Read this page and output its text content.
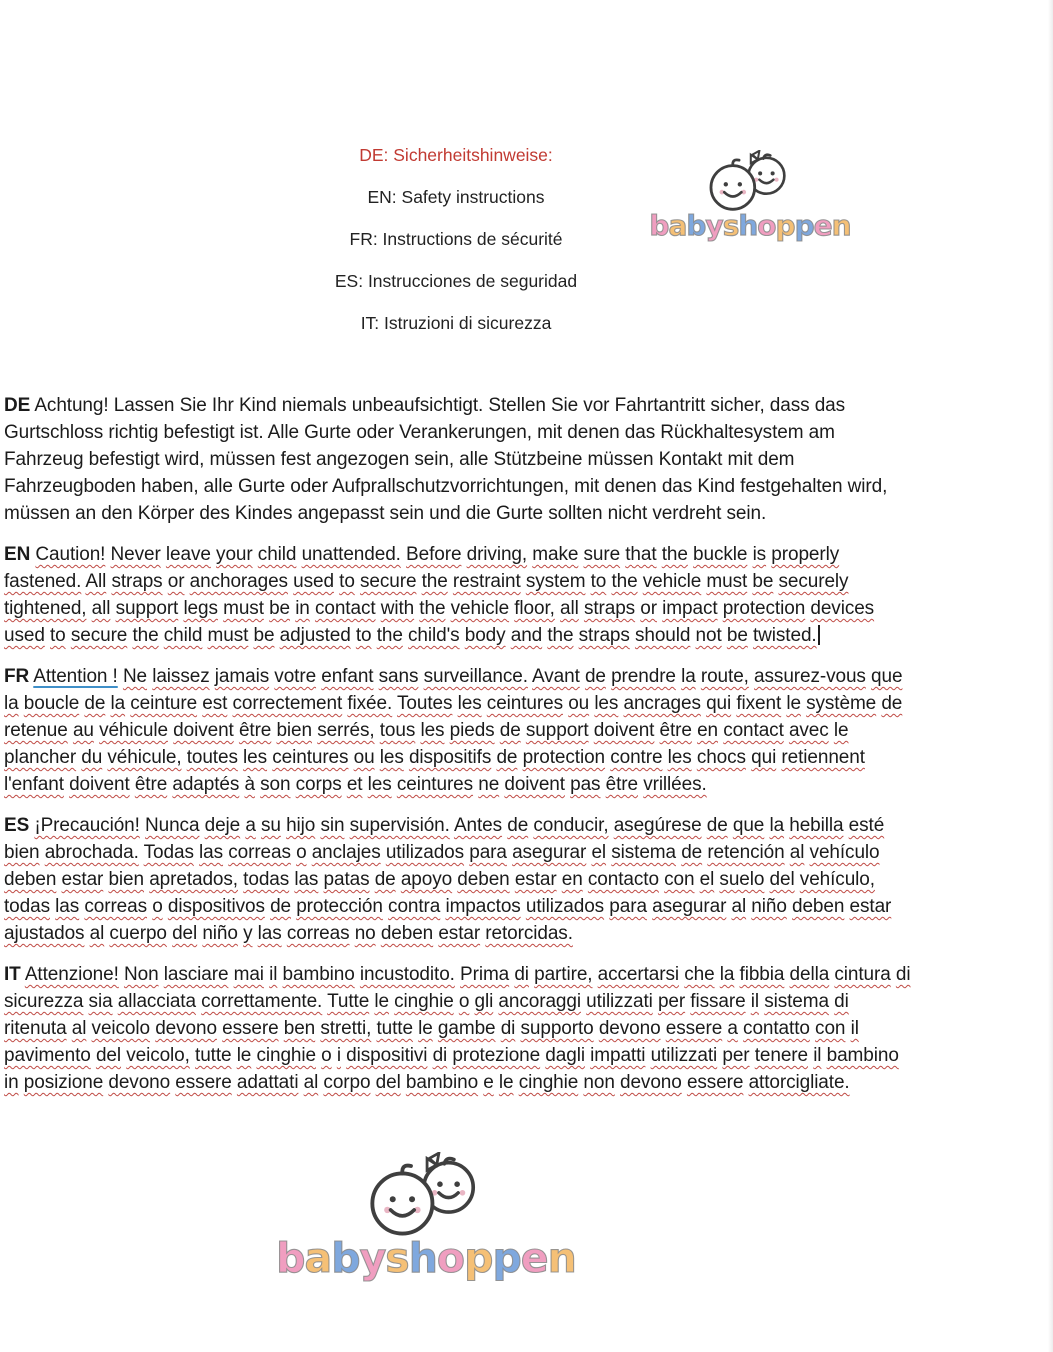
DE: Sicherheitshinweise:
EN: Safety instructions
FR: Instructions de sécurité
ES: Instrucciones de seguridad
IT: Istruzioni di sicurezza
babyshoppen

DE Achtung! Lassen Sie Ihr Kind niemals unbeaufsichtigt. Stellen Sie vor Fahrtantritt sicher, dass das Gurtschloss richtig befestigt ist. Alle Gurte oder Verankerungen, mit denen das Rückhaltesystem am Fahrzeug befestigt wird, müssen fest angezogen sein, alle Stützbeine müssen Kontakt mit dem Fahrzeugboden haben, alle Gurte oder Aufprallschutzvorrichtungen, mit denen das Kind festgehalten wird, müssen an den Körper des Kindes angepasst sein und die Gurte sollten nicht verdreht sein.

EN Caution! Never leave your child unattended. Before driving, make sure that the buckle is properly fastened. All straps or anchorages used to secure the restraint system to the vehicle must be securely tightened, all support legs must be in contact with the vehicle floor, all straps or impact protection devices used to secure the child must be adjusted to the child's body and the straps should not be twisted.

FR Attention ! Ne laissez jamais votre enfant sans surveillance. Avant de prendre la route, assurez-vous que la boucle de la ceinture est correctement fixée. Toutes les ceintures ou les ancrages qui fixent le système de retenue au véhicule doivent être bien serrés, tous les pieds de support doivent être en contact avec le plancher du véhicule, toutes les ceintures ou les dispositifs de protection contre les chocs qui retiennent l'enfant doivent être adaptés à son corps et les ceintures ne doivent pas être vrillées.

ES ¡Precaución! Nunca deje a su hijo sin supervisión. Antes de conducir, asegúrese de que la hebilla esté bien abrochada. Todas las correas o anclajes utilizados para asegurar el sistema de retención al vehículo deben estar bien apretados, todas las patas de apoyo deben estar en contacto con el suelo del vehículo, todas las correas o dispositivos de protección contra impactos utilizados para asegurar al niño deben estar ajustados al cuerpo del niño y las correas no deben estar retorcidas.

IT Attenzione! Non lasciare mai il bambino incustodito. Prima di partire, accertarsi che la fibbia della cintura di sicurezza sia allacciata correttamente. Tutte le cinghie o gli ancoraggi utilizzati per fissare il sistema di ritenuta al veicolo devono essere ben stretti, tutte le gambe di supporto devono essere a contatto con il pavimento del veicolo, tutte le cinghie o i dispositivi di protezione dagli impatti utilizzati per tenere il bambino in posizione devono essere adattati al corpo del bambino e le cinghie non devono essere attorcigliate.

babyshoppen
